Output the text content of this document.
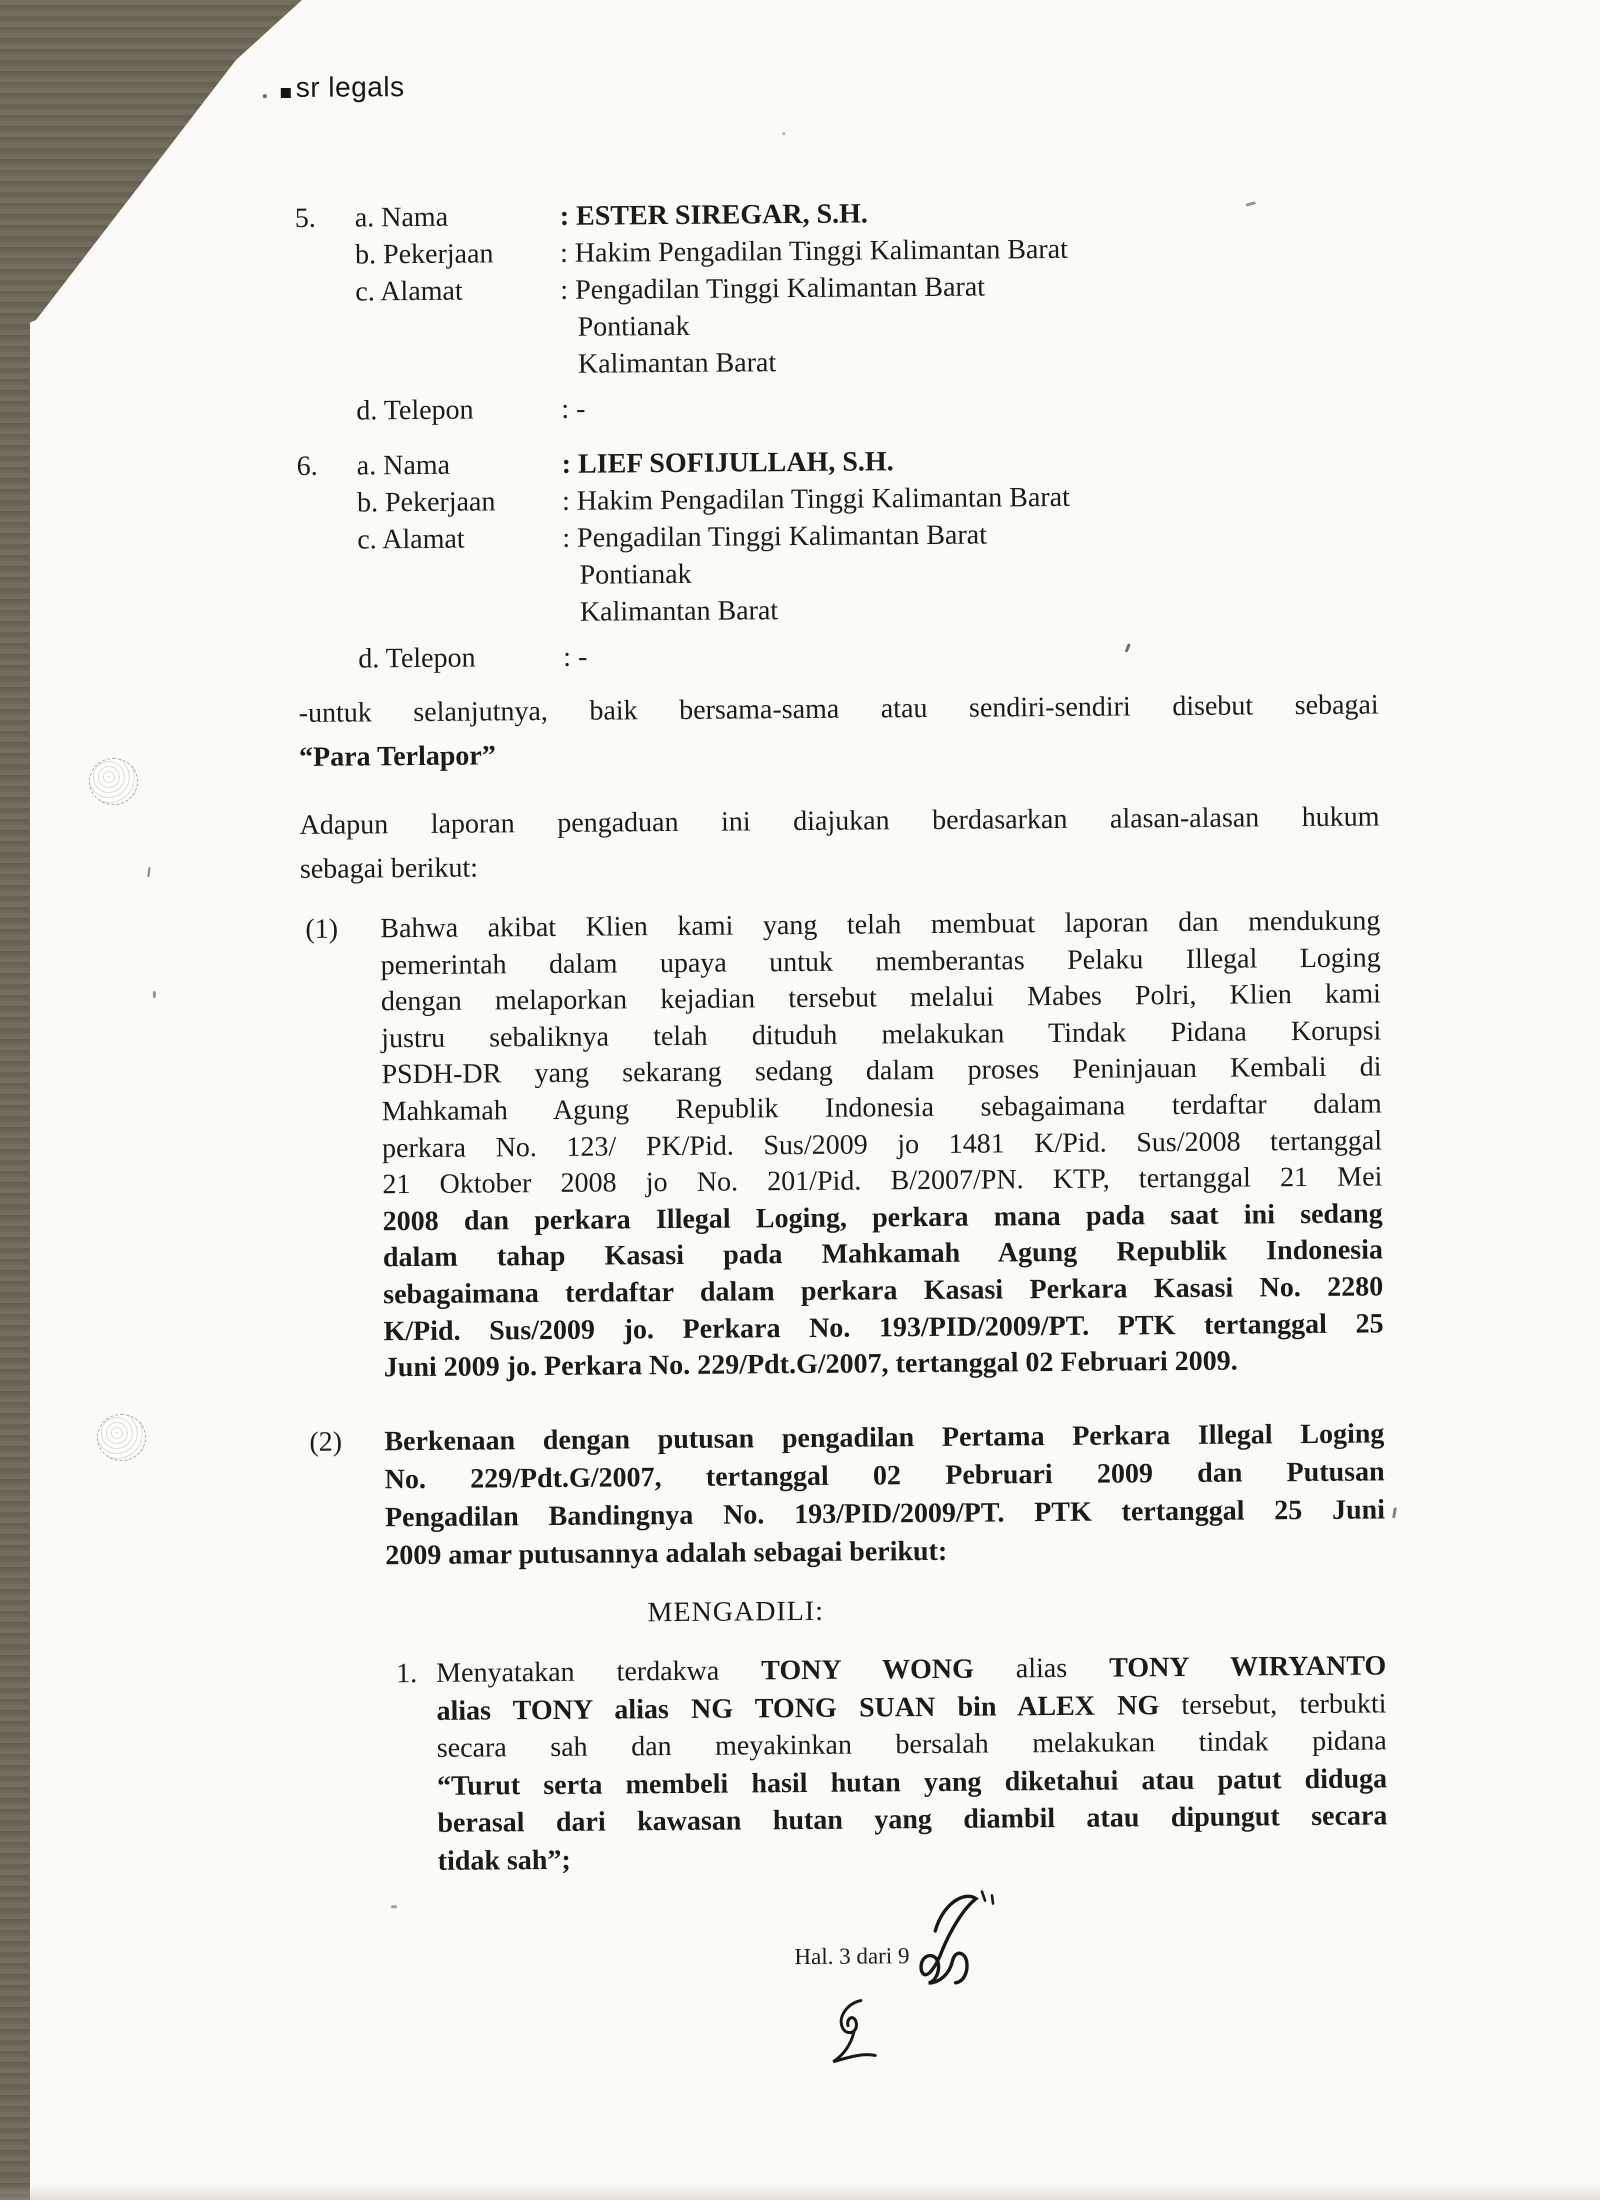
sr legals
5. a. Nama	: ESTER SIREGAR, S.H.
b. Pekerjaan	: Hakim Pengadilan Tinggi Kalimantan Barat
c. Alamat	: Pengadilan Tinggi Kalimantan Barat
Pontianak
Kalimantan Barat
d. Telepon	: -
6. a. Nama	: LIEF SOFIJULLAH, S.H.
b. Pekerjaan	: Hakim Pengadilan Tinggi Kalimantan Barat
c. Alamat	: Pengadilan Tinggi Kalimantan Barat
Pontianak
Kalimantan Barat
d. Telepon	: -
-untuk selanjutnya, baik bersama-sama atau sendiri-sendiri disebut sebagai
“Para Terlapor”
Adapun laporan pengaduan ini diajukan berdasarkan alasan-alasan hukum
sebagai berikut:
(1) Bahwa akibat Klien kami yang telah membuat laporan dan mendukung
pemerintah dalam upaya untuk memberantas Pelaku Illegal Loging
dengan melaporkan kejadian tersebut melalui Mabes Polri, Klien kami
justru sebaliknya telah dituduh melakukan Tindak Pidana Korupsi
PSDH-DR yang sekarang sedang dalam proses Peninjauan Kembali di
Mahkamah Agung Republik Indonesia sebagaimana terdaftar dalam
perkara No. 123/ PK/Pid. Sus/2009 jo 1481 K/Pid. Sus/2008 tertanggal
21 Oktober 2008 jo No. 201/Pid. B/2007/PN. KTP, tertanggal 21 Mei
2008 dan perkara Illegal Loging, perkara mana pada saat ini sedang
dalam tahap Kasasi pada Mahkamah Agung Republik Indonesia
sebagaimana terdaftar dalam perkara Kasasi Perkara Kasasi No. 2280
K/Pid. Sus/2009 jo. Perkara No. 193/PID/2009/PT. PTK tertanggal 25
Juni 2009 jo. Perkara No. 229/Pdt.G/2007, tertanggal 02 Februari 2009.
(2) Berkenaan dengan putusan pengadilan Pertama Perkara Illegal Loging
No. 229/Pdt.G/2007, tertanggal 02 Pebruari 2009 dan Putusan
Pengadilan Bandingnya No. 193/PID/2009/PT. PTK tertanggal 25 Juni
2009 amar putusannya adalah sebagai berikut:
MENGADILI:
1. Menyatakan terdakwa TONY WONG alias TONY WIRYANTO
alias TONY alias NG TONG SUAN bin ALEX NG tersebut, terbukti
secara sah dan meyakinkan bersalah melakukan tindak pidana
“Turut serta membeli hasil hutan yang diketahui atau patut diduga
berasal dari kawasan hutan yang diambil atau dipungut secara
tidak sah”;
Hal. 3 dari 9
